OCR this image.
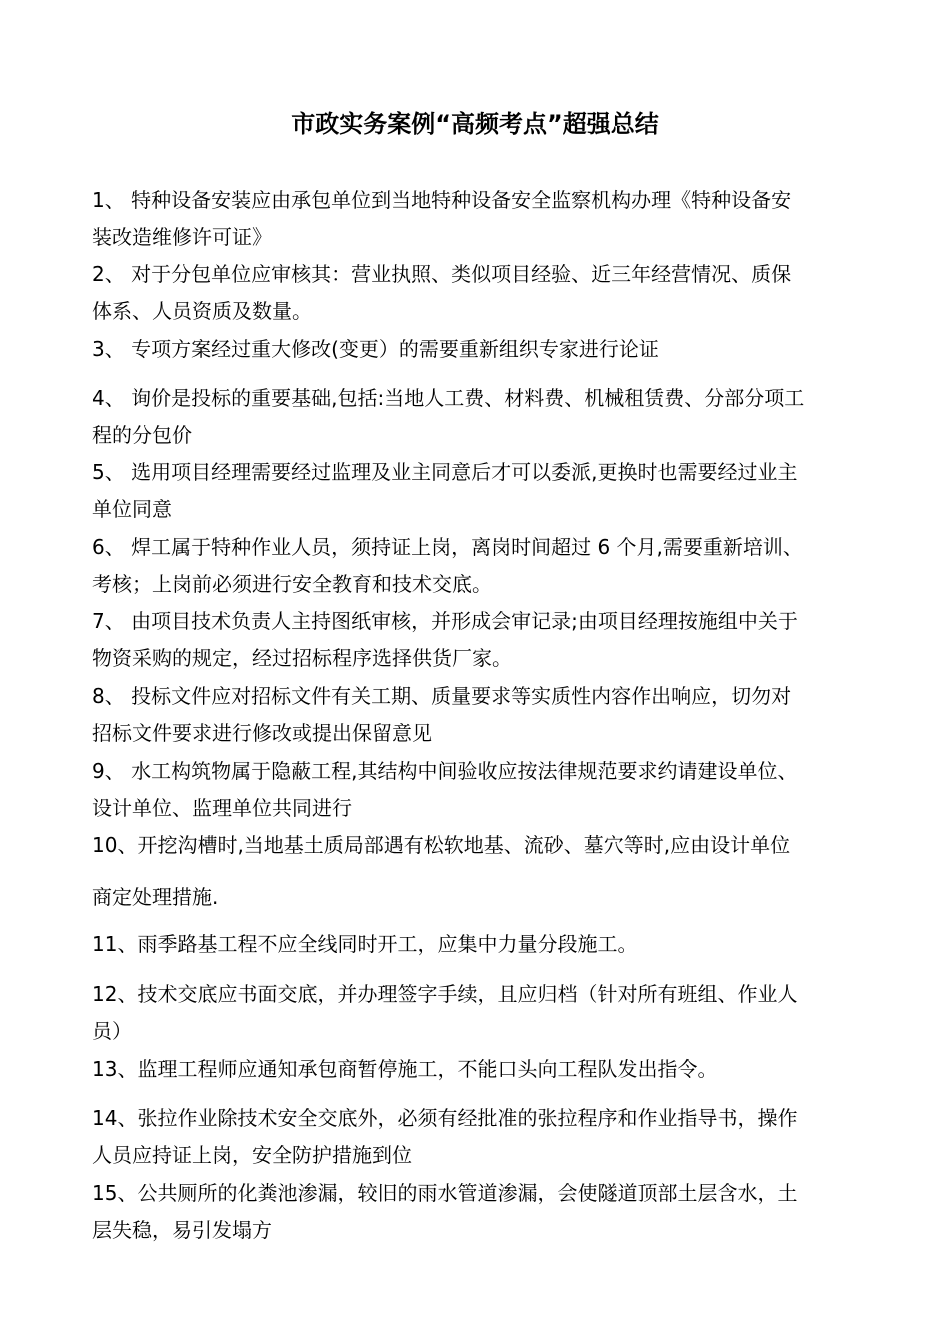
市政实务案例“高频考点”超强总结
1、 特种设备安装应由承包单位到当地特种设备安全监察机构办理《特种设备安
装改造维修许可证》
2、 对于分包单位应审核其：营业执照、类似项目经验、近三年经营情况、质保
体系、人员资质及数量。
3、 专项方案经过重大修改(变更）的需要重新组织专家进行论证
4、 询价是投标的重要基础,包括:当地人工费、材料费、机械租赁费、分部分项工
程的分包价
5、 选用项目经理需要经过监理及业主同意后才可以委派,更换时也需要经过业主
单位同意
6、 焊工属于特种作业人员，须持证上岗，离岗时间超过 6 个月,需要重新培训、
考核；上岗前必须进行安全教育和技术交底。
7、 由项目技术负责人主持图纸审核，并形成会审记录;由项目经理按施组中关于
物资采购的规定，经过招标程序选择供货厂家。
8、 投标文件应对招标文件有关工期、质量要求等实质性内容作出响应，切勿对
招标文件要求进行修改或提出保留意见
9、 水工构筑物属于隐蔽工程,其结构中间验收应按法律规范要求约请建设单位、
设计单位、监理单位共同进行
10、开挖沟槽时,当地基土质局部遇有松软地基、流砂、墓穴等时,应由设计单位
商定处理措施.
11、雨季路基工程不应全线同时开工，应集中力量分段施工。
12、技术交底应书面交底，并办理签字手续，且应归档（针对所有班组、作业人
员）
13、监理工程师应通知承包商暂停施工，不能口头向工程队发出指令。
14、张拉作业除技术安全交底外，必须有经批准的张拉程序和作业指导书，操作
人员应持证上岗，安全防护措施到位
15、公共厕所的化粪池渗漏，较旧的雨水管道渗漏，会使隧道顶部土层含水，土
层失稳，易引发塌方
